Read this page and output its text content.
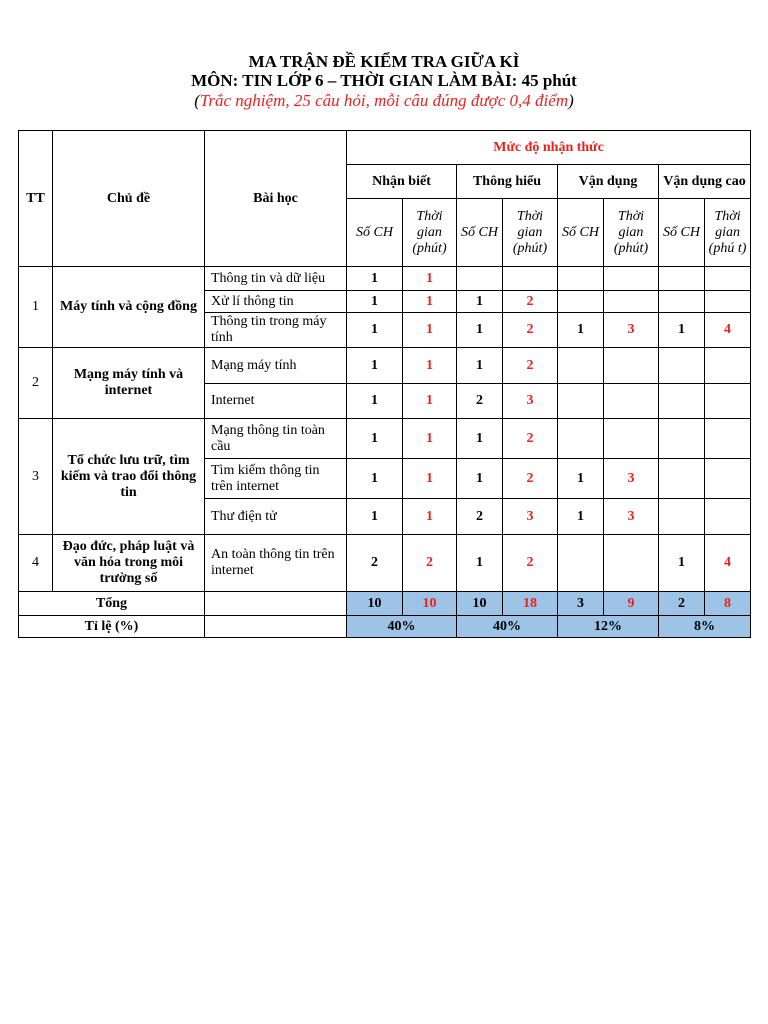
MA TRẬN ĐỀ KIỂM TRA GIỮA KÌ
MÔN: TIN LỚP 6 – THỜI GIAN LÀM BÀI: 45 phút
(Trắc nghiệm, 25 câu hỏi, mỗi câu đúng được 0,4 điểm)
TT	Chủ đề	Bài học	Mức độ nhận thức							
			Nhận biết		Thông hiểu		Vận dụng		Vận dụng cao	
			Số CH	Thời gian (phút)	Số CH	Thời gian (phút)	Số CH	Thời gian (phút)	Số CH	Thời gian (phú t)
1	Máy tính và cộng đồng	Thông tin và dữ liệu	1	1						
		Xử lí thông tin	1	1	1	2				
		Thông tin trong máy tính	1	1	1	2	1	3	1	4
2	Mạng máy tính và internet	Mạng máy tính	1	1	1	2				
		Internet	1	1	2	3				
3	Tổ chức lưu trữ, tìm kiếm và trao đổi thông tin	Mạng thông tin toàn cầu	1	1	1	2				
		Tìm kiếm thông tin trên internet	1	1	1	2	1	3		
		Thư điện tử	1	1	2	3	1	3		
4	Đạo đức, pháp luật và văn hóa trong môi trường số	An toàn thông tin trên internet	2	2	1	2			1	4
Tổng			10	10	10	18	3	9	2	8
Tỉ lệ (%)			40%		40%		12%		8%	
